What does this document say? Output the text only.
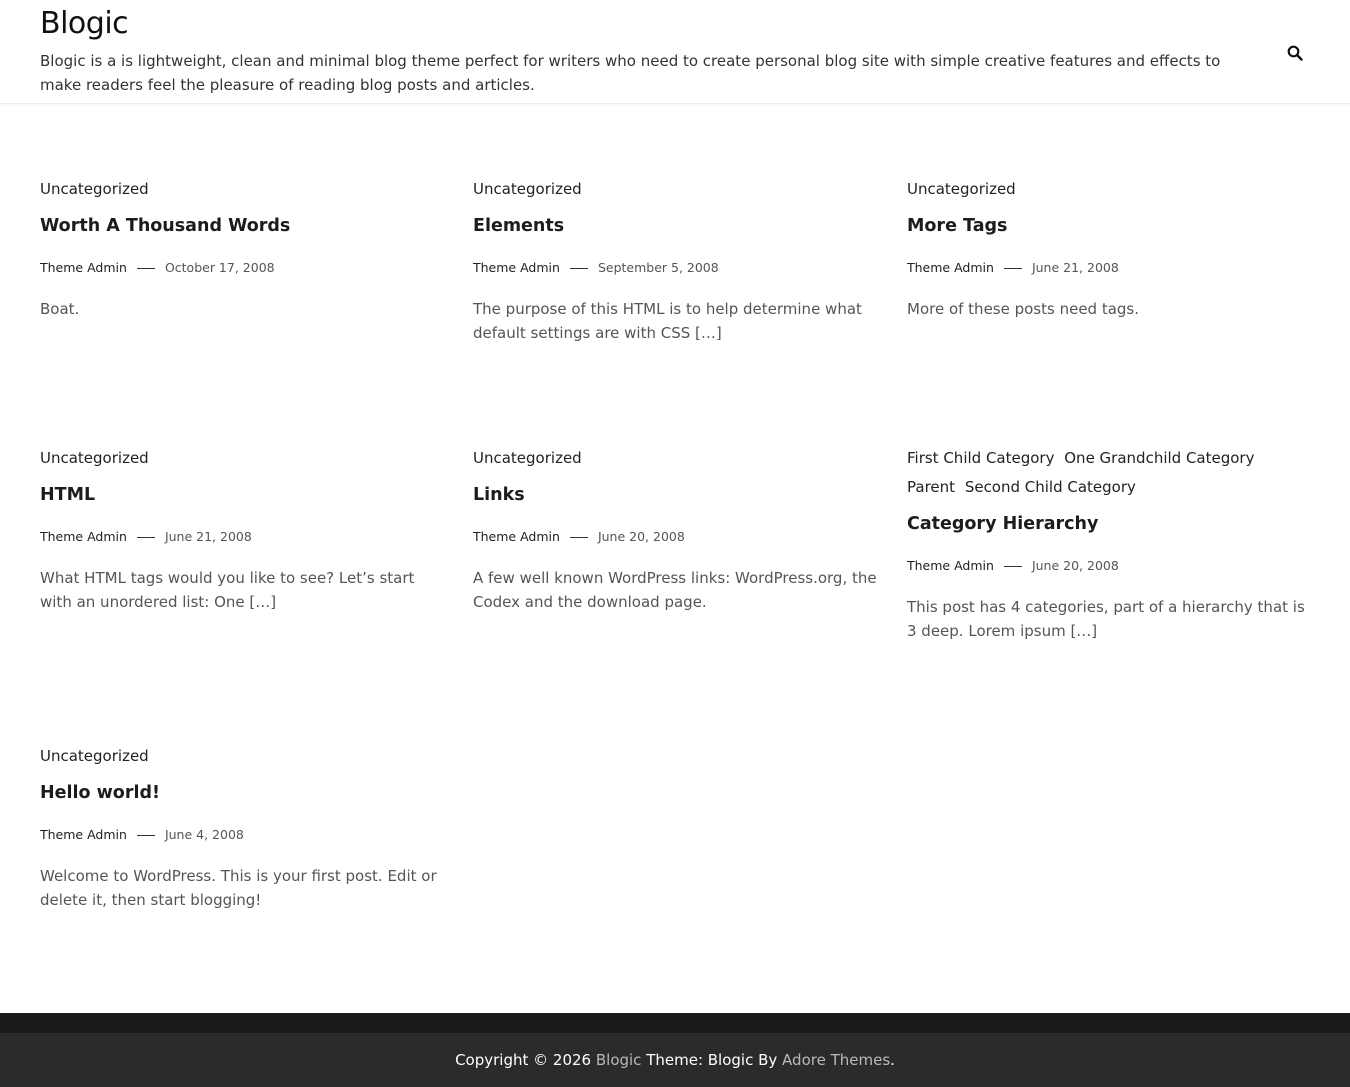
Blogic

Blogic is a is lightweight, clean and minimal blog theme perfect for writers who need to create personal blog site with simple creative features and effects to make readers feel the pleasure of reading blog posts and articles.

Uncategorized
Worth A Thousand Words
Theme Admin	October 17, 2008

Boat.

Uncategorized
Elements
Theme Admin	September 5, 2008

The purpose of this HTML is to help determine what default settings are with CSS […]

Uncategorized
More Tags
Theme Admin	June 21, 2008

More of these posts need tags.

Uncategorized
HTML
Theme Admin	June 21, 2008

What HTML tags would you like to see? Let’s start with an unordered list: One […]

Uncategorized
Links
Theme Admin	June 20, 2008

A few well known WordPress links: WordPress.org, the Codex and the download page.

First Child Category One Grandchild Category Parent Second Child Category
Category Hierarchy
Theme Admin	June 20, 2008

This post has 4 categories, part of a hierarchy that is 3 deep. Lorem ipsum […]

Uncategorized
Hello world!
Theme Admin	June 4, 2008

Welcome to WordPress. This is your first post. Edit or delete it, then start blogging!

Copyright © 2026 Blogic Theme: Blogic By Adore Themes .
